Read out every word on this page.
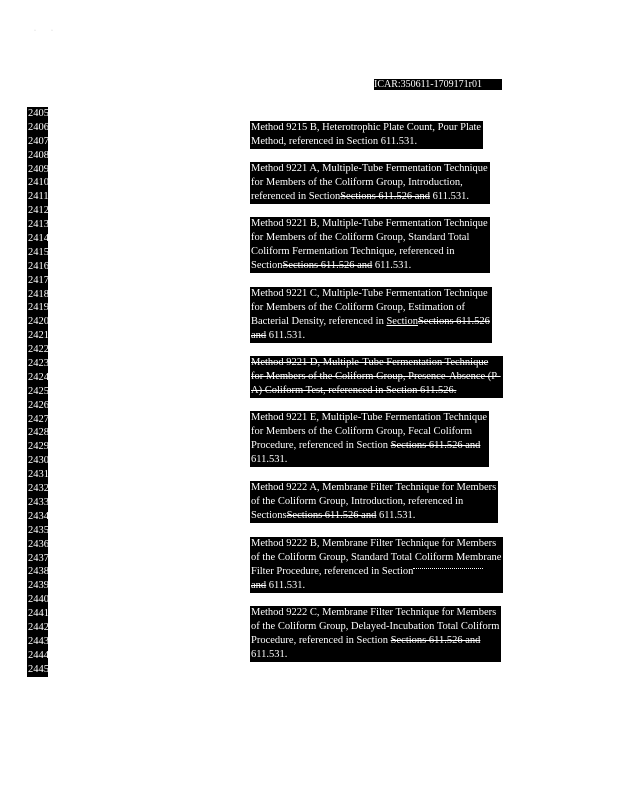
·          ·
ICAR:350611-1709171r01
2405
2406
2407
2408
2409
2410
2411
2412
2413
2414
2415
2416
2417
2418
2419
2420
2421
2422
2423
2424
2425
2426
2427
2428
2429
2430
2431
2432
2433
2434
2435
2436
2437
2438
2439
2440
2441
2442
2443
2444
2445
Method 9215 B, Heterotrophic Plate Count, Pour Plate
Method, referenced in Section 611.531.
Method 9221 A, Multiple-Tube Fermentation Technique
for Members of the Coliform Group, Introduction,
referenced in SectionSections 611.526 and 611.531.
Method 9221 B, Multiple-Tube Fermentation Technique
for Members of the Coliform Group, Standard Total
Coliform Fermentation Technique, referenced in
SectionSections 611.526 and 611.531.
Method 9221 C, Multiple-Tube Fermentation Technique
for Members of the Coliform Group, Estimation of
Bacterial Density, referenced in SectionSections 611.526
and 611.531.
Method 9221 D, Multiple-Tube Fermentation Technique
for Members of the Coliform Group, Presence-Absence (P-
A) Coliform Test, referenced in Section 611.526.
Method 9221 E, Multiple-Tube Fermentation Technique
for Members of the Coliform Group, Fecal Coliform
Procedure, referenced in Section Sections 611.526 and
611.531.
Method 9222 A, Membrane Filter Technique for Members
of the Coliform Group, Introduction, referenced in
SectionsSections 611.526 and 611.531.
Method 9222 B, Membrane Filter Technique for Members
of the Coliform Group, Standard Total Coliform Membrane
Filter Procedure, referenced in Section
and 611.531.
Method 9222 C, Membrane Filter Technique for Members
of the Coliform Group, Delayed-Incubation Total Coliform
Procedure, referenced in Section Sections 611.526 and
611.531.
